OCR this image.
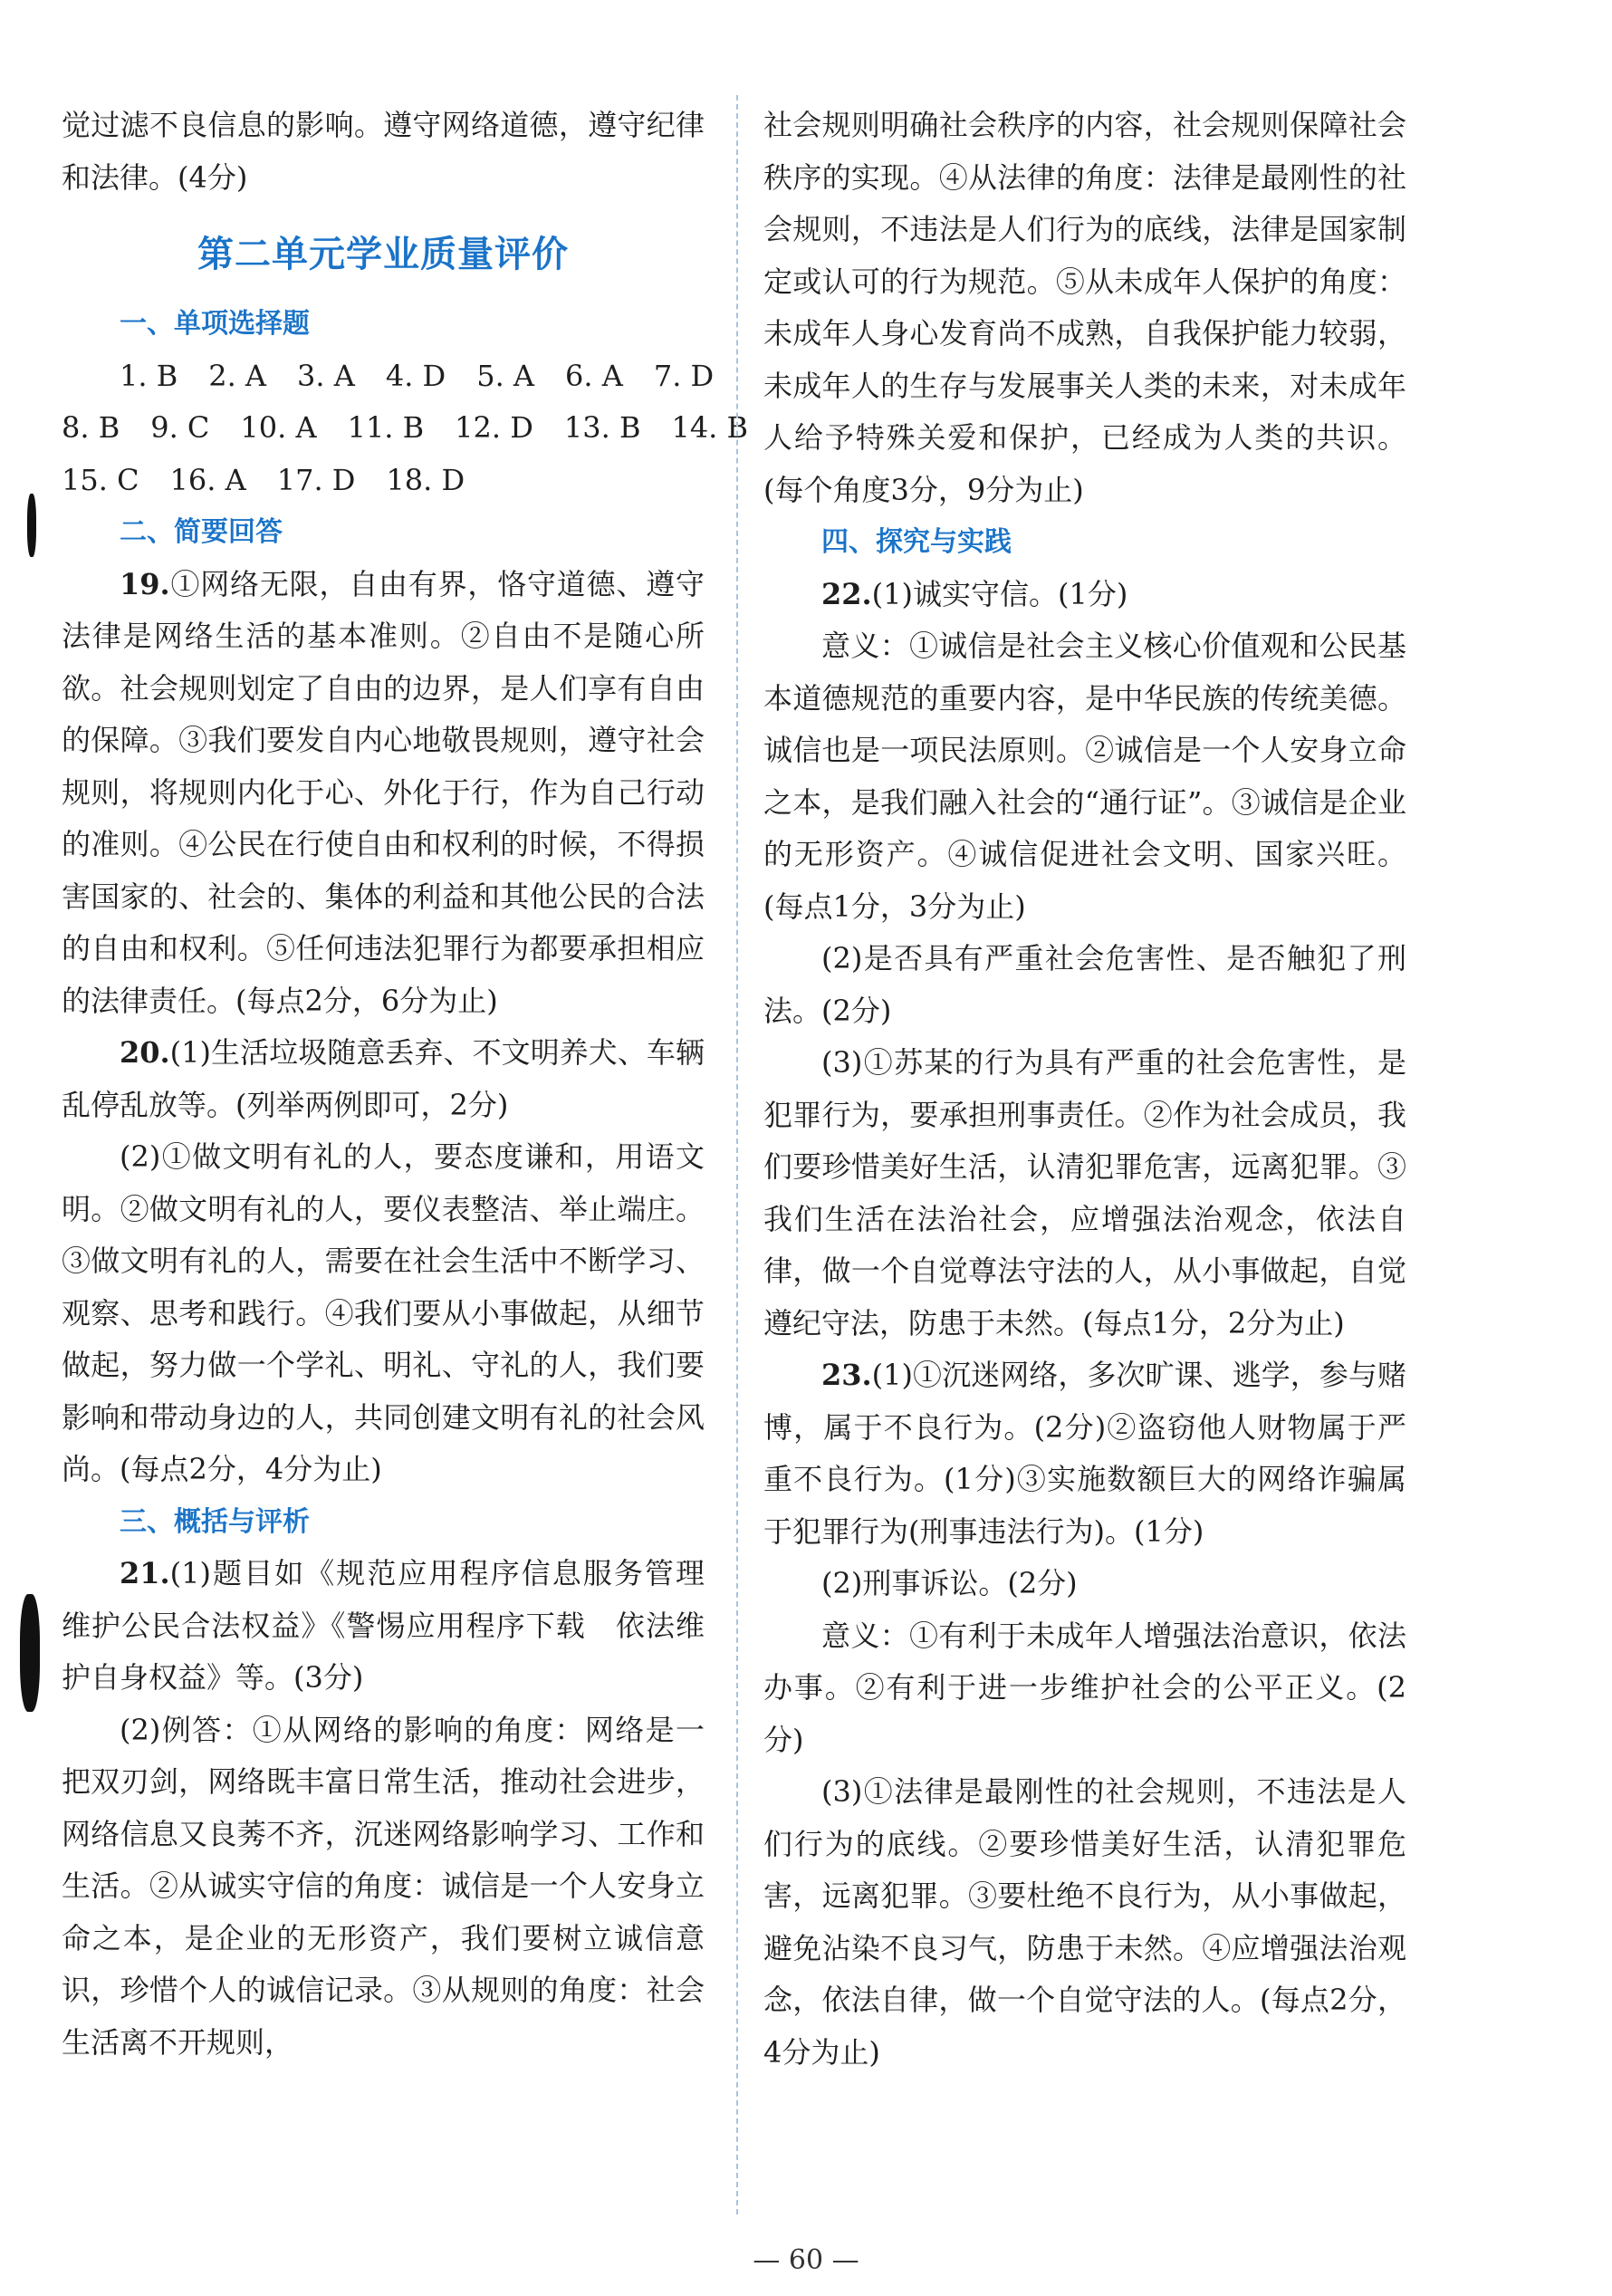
觉过滤不良信息的影响。遵守网络道德，遵守纪律和法律。(4分)

第二单元学业质量评价
一、单项选择题
1. B 2. A 3. A 4. D 5. A 6. A 7. D
8. B 9. C 10. A 11. B 12. D 13. B 14. B
15. C 16. A 17. D 18. D
二、简要回答

19.①网络无限，自由有界，恪守道德、遵守法律是网络生活的基本准则。②自由不是随心所欲。社会规则划定了自由的边界，是人们享有自由的保障。③我们要发自内心地敬畏规则，遵守社会规则，将规则内化于心、外化于行，作为自己行动的准则。④公民在行使自由和权利的时候，不得损害国家的、社会的、集体的利益和其他公民的合法的自由和权利。⑤任何违法犯罪行为都要承担相应的法律责任。(每点2分，6分为止)

20.(1)生活垃圾随意丢弃、不文明养犬、车辆乱停乱放等。(列举两例即可，2分)

(2)①做文明有礼的人，要态度谦和，用语文明。②做文明有礼的人，要仪表整洁、举止端庄。③做文明有礼的人，需要在社会生活中不断学习、观察、思考和践行。④我们要从小事做起，从细节做起，努力做一个学礼、明礼、守礼的人，我们要影响和带动身边的人，共同创建文明有礼的社会风尚。(每点2分，4分为止)

三、概括与评析

21.(1)题目如《规范应用程序信息服务管理　维护公民合法权益》《警惕应用程序下载　依法维护自身权益》等。(3分)

(2)例答：①从网络的影响的角度：网络是一把双刃剑，网络既丰富日常生活，推动社会进步，网络信息又良莠不齐，沉迷网络影响学习、工作和生活。②从诚实守信的角度：诚信是一个人安身立命之本，是企业的无形资产，我们要树立诚信意识，珍惜个人的诚信记录。③从规则的角度：社会生活离不开规则，

社会规则明确社会秩序的内容，社会规则保障社会秩序的实现。④从法律的角度：法律是最刚性的社会规则，不违法是人们行为的底线，法律是国家制定或认可的行为规范。⑤从未成年人保护的角度：未成年人身心发育尚不成熟，自我保护能力较弱，未成年人的生存与发展事关人类的未来，对未成年人给予特殊关爱和保护，已经成为人类的共识。(每个角度3分，9分为止)

四、探究与实践

22.(1)诚实守信。(1分)

意义：①诚信是社会主义核心价值观和公民基本道德规范的重要内容，是中华民族的传统美德。诚信也是一项民法原则。②诚信是一个人安身立命之本，是我们融入社会的“通行证”。③诚信是企业的无形资产。④诚信促进社会文明、国家兴旺。(每点1分，3分为止)

(2)是否具有严重社会危害性、是否触犯了刑法。(2分)

(3)①苏某的行为具有严重的社会危害性，是犯罪行为，要承担刑事责任。②作为社会成员，我们要珍惜美好生活，认清犯罪危害，远离犯罪。③我们生活在法治社会，应增强法治观念，依法自律，做一个自觉尊法守法的人，从小事做起，自觉遵纪守法，防患于未然。(每点1分，2分为止)

23.(1)①沉迷网络，多次旷课、逃学，参与赌博，属于不良行为。(2分)②盗窃他人财物属于严重不良行为。(1分)③实施数额巨大的网络诈骗属于犯罪行为(刑事违法行为)。(1分)

(2)刑事诉讼。(2分)

意义：①有利于未成年人增强法治意识，依法办事。②有利于进一步维护社会的公平正义。(2分)

(3)①法律是最刚性的社会规则，不违法是人们行为的底线。②要珍惜美好生活，认清犯罪危害，远离犯罪。③要杜绝不良行为，从小事做起，避免沾染不良习气，防患于未然。④应增强法治观念，依法自律，做一个自觉守法的人。(每点2分，4分为止)

— 60 —
